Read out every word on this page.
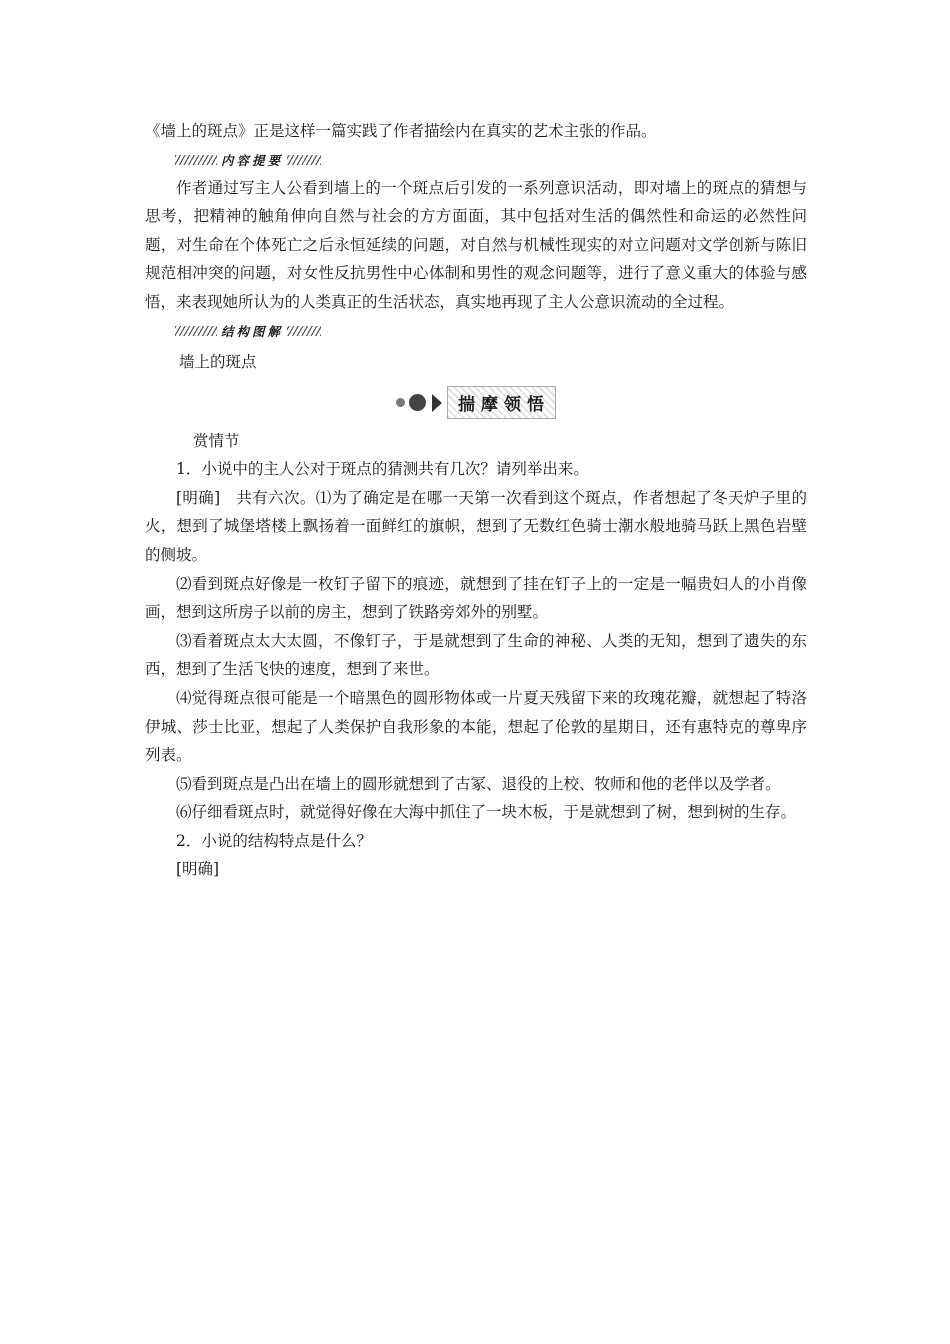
《墙上的斑点》正是这样一篇实践了作者描绘内在真实的艺术主张的作品。

内容提要

作者通过写主人公看到墙上的一个斑点后引发的一系列意识活动，即对墙上的斑点的猜想与思考，把精神的触角伸向自然与社会的方方面面，其中包括对生活的偶然性和命运的必然性问题，对生命在个体死亡之后永恒延续的问题，对自然与机械性现实的对立问题对文学创新与陈旧规范相冲突的问题，对女性反抗男性中心体制和男性的观念问题等，进行了意义重大的体验与感悟，来表现她所认为的人类真正的生活状态，真实地再现了主人公意识流动的全过程。

结构图解

墙上的斑点

揣摩领悟

赏情节

1．小说中的主人公对于斑点的猜测共有几次？请列举出来。

[明确]　共有六次。⑴为了确定是在哪一天第一次看到这个斑点，作者想起了冬天炉子里的火，想到了城堡塔楼上飘扬着一面鲜红的旗帜，想到了无数红色骑士潮水般地骑马跃上黑色岩壁的侧坡。

⑵看到斑点好像是一枚钉子留下的痕迹，就想到了挂在钉子上的一定是一幅贵妇人的小肖像画，想到这所房子以前的房主，想到了铁路旁郊外的别墅。

⑶看着斑点太大太圆，不像钉子，于是就想到了生命的神秘、人类的无知，想到了遗失的东西，想到了生活飞快的速度，想到了来世。

⑷觉得斑点很可能是一个暗黑色的圆形物体或一片夏天残留下来的玫瑰花瓣，就想起了特洛伊城、莎士比亚，想起了人类保护自我形象的本能，想起了伦敦的星期日，还有惠特克的尊卑序列表。

⑸看到斑点是凸出在墙上的圆形就想到了古冢、退役的上校、牧师和他的老伴以及学者。

⑹仔细看斑点时，就觉得好像在大海中抓住了一块木板，于是就想到了树，想到树的生存。

2．小说的结构特点是什么？

[明确]
